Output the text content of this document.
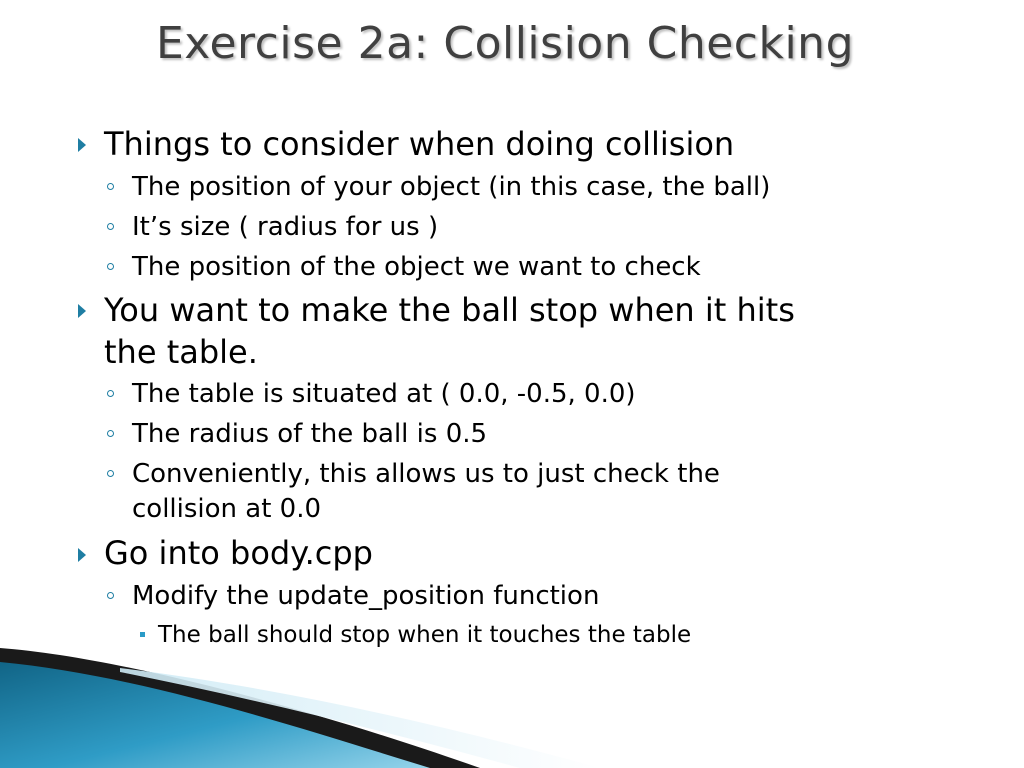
Exercise 2a: Collision Checking
Things to consider when doing collision
The position of your object (in this case, the ball)
It’s size ( radius for us )
The position of the object we want to check
You want to make the ball stop when it hits
the table.
The table is situated at ( 0.0, -0.5, 0.0)
The radius of the ball is 0.5
Conveniently, this allows us to just check the
collision at 0.0
Go into body.cpp
Modify the update_position function
The ball should stop when it touches the table
